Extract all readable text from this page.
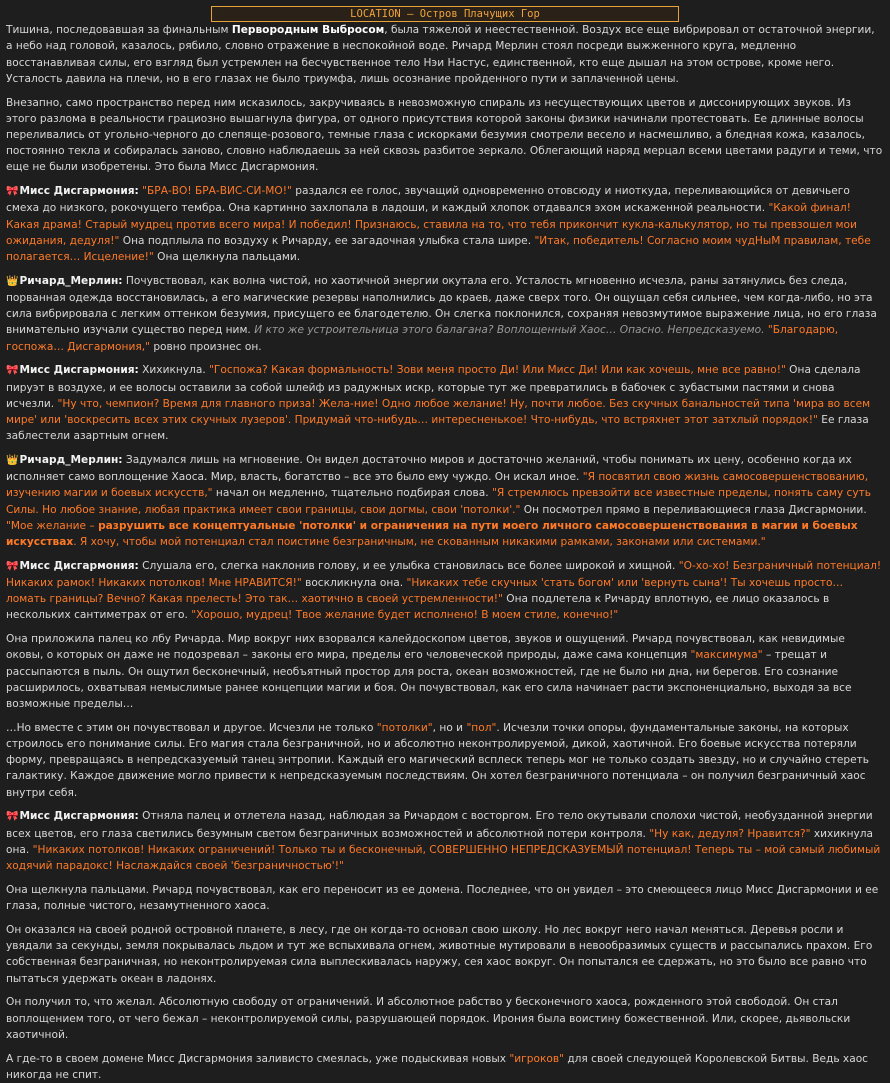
LOCATION – Остров Плачущих Гор

Тишина, последовавшая за финальным Первородным Выбросом, была тяжелой и неестественной. Воздух все еще вибрировал от остаточной энергии, а небо над головой, казалось, рябило, словно отражение в неспокойной воде. Ричард Мерлин стоял посреди выжженного круга, медленно восстанавливая силы, его взгляд был устремлен на бесчувственное тело Нэи Настус, единственной, кто еще дышал на этом острове, кроме него. Усталость давила на плечи, но в его глазах не было триумфа, лишь осознание пройденного пути и заплаченной цены.

Внезапно, само пространство перед ним исказилось, закручиваясь в невозможную спираль из несуществующих цветов и диссонирующих звуков. Из этого разлома в реальности грациозно вышагнула фигура, от одного присутствия которой законы физики начинали протестовать. Ее длинные волосы переливались от угольно-черного до слепяще-розового, темные глаза с искорками безумия смотрели весело и насмешливо, а бледная кожа, казалось, постоянно текла и собиралась заново, словно наблюдаешь за ней сквозь разбитое зеркало. Облегающий наряд мерцал всеми цветами радуги и теми, что еще не были изобретены. Это была Мисс Дисгармония.

🎀Мисс Дисгармония: "БРА-ВО! БРА-ВИС-СИ-МО!" раздался ее голос, звучащий одновременно отовсюду и ниоткуда, переливающийся от девичьего смеха до низкого, рокочущего тембра. Она картинно захлопала в ладоши, и каждый хлопок отдавался эхом искаженной реальности. "Какой финал! Какая драма! Старый мудрец против всего мира! И победил! Признаюсь, ставила на то, что тебя прикончит кукла-калькулятор, но ты превзошел мои ожидания, дедуля!" Она подплыла по воздуху к Ричарду, ее загадочная улыбка стала шире. "Итак, победитель! Согласно моим чудНыМ правилам, тебе полагается… Исцеление!" Она щелкнула пальцами.

👑Ричард_Мерлин: Почувствовал, как волна чистой, но хаотичной энергии окутала его. Усталость мгновенно исчезла, раны затянулись без следа, порванная одежда восстановилась, а его магические резервы наполнились до краев, даже сверх того. Он ощущал себя сильнее, чем когда-либо, но эта сила вибрировала с легким оттенком безумия, присущего ее благодетелю. Он слегка поклонился, сохраняя невозмутимое выражение лица, но его глаза внимательно изучали существо перед ним. И кто же устроительница этого балагана? Воплощенный Хаос… Опасно. Непредсказуемо. "Благодарю, госпожа… Дисгармония," ровно произнес он.

🎀Мисс Дисгармония: Хихикнула. "Госпожа? Какая формальность! Зови меня просто Ди! Или Мисс Ди! Или как хочешь, мне все равно!" Она сделала пируэт в воздухе, и ее волосы оставили за собой шлейф из радужных искр, которые тут же превратились в бабочек с зубастыми пастями и снова исчезли. "Ну что, чемпион? Время для главного приза! Жела-ние! Одно любое желание! Ну, почти любое. Без скучных банальностей типа 'мира во всем мире' или 'воскресить всех этих скучных лузеров'. Придумай что-нибудь… интересненькое! Что-нибудь, что встряхнет этот затхлый порядок!" Ее глаза заблестели азартным огнем.

👑Ричард_Мерлин: Задумался лишь на мгновение. Он видел достаточно миров и достаточно желаний, чтобы понимать их цену, особенно когда их исполняет само воплощение Хаоса. Мир, власть, богатство – все это было ему чуждо. Он искал иное. "Я посвятил свою жизнь самосовершенствованию, изучению магии и боевых искусств," начал он медленно, тщательно подбирая слова. "Я стремлюсь превзойти все известные пределы, понять саму суть Силы. Но любое знание, любая практика имеет свои границы, свои догмы, свои 'потолки'." Он посмотрел прямо в переливающиеся глаза Дисгармонии. "Мое желание – разрушить все концептуальные 'потолки' и ограничения на пути моего личного самосовершенствования в магии и боевых искусствах. Я хочу, чтобы мой потенциал стал поистине безграничным, не скованным никакими рамками, законами или системами."

🎀Мисс Дисгармония: Слушала его, слегка наклонив голову, и ее улыбка становилась все более широкой и хищной. "О-хо-хо! Безграничный потенциал! Никаких рамок! Никаких потолков! Мне НРАВИТСЯ!" воскликнула она. "Никаких тебе скучных 'стать богом' или 'вернуть сына'! Ты хочешь просто… ломать границы? Вечно? Какая прелесть! Это так… хаотично в своей устремленности!" Она подлетела к Ричарду вплотную, ее лицо оказалось в нескольких сантиметрах от его. "Хорошо, мудрец! Твое желание будет исполнено! В моем стиле, конечно!"

Она приложила палец ко лбу Ричарда. Мир вокруг них взорвался калейдоскопом цветов, звуков и ощущений. Ричард почувствовал, как невидимые оковы, о которых он даже не подозревал – законы его мира, пределы его человеческой природы, даже сама концепция "максимума" – трещат и рассыпаются в пыль. Он ощутил бесконечный, необъятный простор для роста, океан возможностей, где не было ни дна, ни берегов. Его сознание расширилось, охватывая немыслимые ранее концепции магии и боя. Он почувствовал, как его сила начинает расти экспоненциально, выходя за все возможные пределы…

…Но вместе с этим он почувствовал и другое. Исчезли не только "потолки", но и "пол". Исчезли точки опоры, фундаментальные законы, на которых строилось его понимание силы. Его магия стала безграничной, но и абсолютно неконтролируемой, дикой, хаотичной. Его боевые искусства потеряли форму, превращаясь в непредсказуемый танец энтропии. Каждый его магический всплеск теперь мог не только создать звезду, но и случайно стереть галактику. Каждое движение могло привести к непредсказуемым последствиям. Он хотел безграничного потенциала – он получил безграничный хаос внутри себя.

🎀Мисс Дисгармония: Отняла палец и отлетела назад, наблюдая за Ричардом с восторгом. Его тело окутывали сполохи чистой, необузданной энергии всех цветов, его глаза светились безумным светом безграничных возможностей и абсолютной потери контроля. "Ну как, дедуля? Нравится?" хихикнула она. "Никаких потолков! Никаких ограничений! Только ты и бесконечный, СОВЕРШЕННО НЕПРЕДСКАЗУЕМЫЙ потенциал! Теперь ты – мой самый любимый ходячий парадокс! Наслаждайся своей 'безграничностью'!"

Она щелкнула пальцами. Ричард почувствовал, как его переносит из ее домена. Последнее, что он увидел – это смеющееся лицо Мисс Дисгармонии и ее глаза, полные чистого, незамутненного хаоса.

Он оказался на своей родной островной планете, в лесу, где он когда-то основал свою школу. Но лес вокруг него начал меняться. Деревья росли и увядали за секунды, земля покрывалась льдом и тут же вспыхивала огнем, животные мутировали в невообразимых существ и рассыпались прахом. Его собственная безграничная, но неконтролируемая сила выплескивалась наружу, сея хаос вокруг. Он попытался ее сдержать, но это было все равно что пытаться удержать океан в ладонях.

Он получил то, что желал. Абсолютную свободу от ограничений. И абсолютное рабство у бесконечного хаоса, рожденного этой свободой. Он стал воплощением того, от чего бежал – неконтролируемой силы, разрушающей порядок. Ирония была воистину божественной. Или, скорее, дьявольски хаотичной.

А где-то в своем домене Мисс Дисгармония заливисто смеялась, уже подыскивая новых "игроков" для своей следующей Королевской Битвы. Ведь хаос никогда не спит.
